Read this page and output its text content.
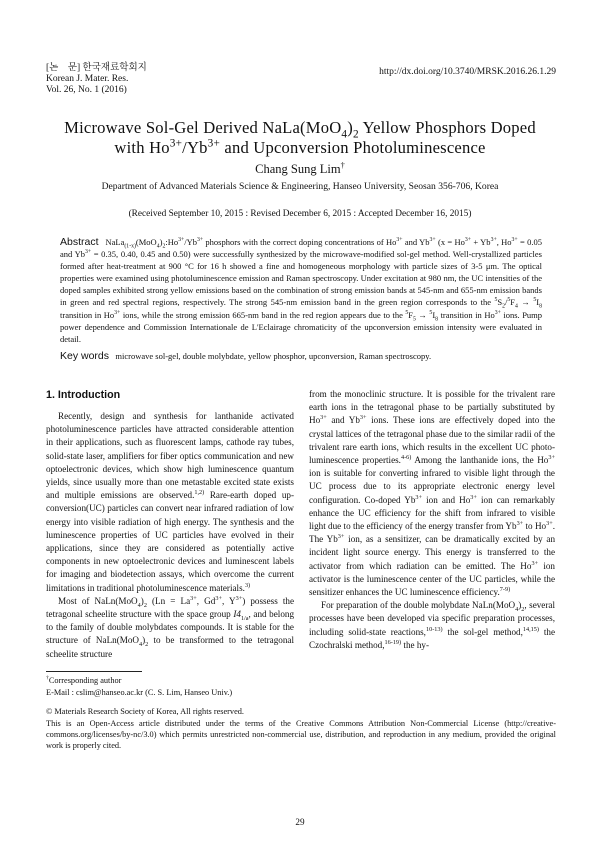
[논　문] 한국재료학회지
Korean J. Mater. Res.
Vol. 26, No. 1 (2016)
http://dx.doi.org/10.3740/MRSK.2016.26.1.29
Microwave Sol-Gel Derived $NaLa(MoO_4)_2$ Yellow Phosphors Doped
with $Ho^{3+}/Yb^{3+}$ and Upconversion Photoluminescence
Chang Sung Lim†
Department of Advanced Materials Science & Engineering, Hanseo University, Seosan 356-706, Korea
(Received September 10, 2015 : Revised December 6, 2015 : Accepted December 16, 2015)
Abstract $NaLa_{(1-x)}(MoO_4)_2:Ho^{3+}/Yb^{3+}$ phosphors with the correct doping concentrations of $Ho^{3+}$ and $Yb^{3+}$ ($x = Ho^{3+} + Yb^{3+}$, $Ho^{3+} = 0.05$ and $Yb^{3+} = 0.35$, 0.40, 0.45 and 0.50) were successfully synthesized by the microwave-modified sol-gel method. Well-crystallized particles formed after heat-treatment at 900 °C for 16 h showed a fine and homogeneous morphology with particle sizes of 3-5 μm. The optical properties were examined using photoluminescence emission and Raman spectroscopy. Under excitation at 980 nm, the UC intensities of the doped samples exhibited strong yellow emissions based on the combination of strong emission bands at 545-nm and 655-nm emission bands in green and red spectral regions, respectively. The strong 545-nm emission band in the green region corresponds to the $^5S_2/^5F_4 \to ^5I_8$ transition in $Ho^{3+}$ ions, while the strong emission 665-nm band in the red region appears due to the $^5F_5 \to ^5I_8$ transition in $Ho^{3+}$ ions. Pump power dependence and Commission Internationale de L'Eclairage chromaticity of the upconversion emission intensity were evaluated in detail.
Key words microwave sol-gel, double molybdate, yellow phosphor, upconversion, Raman spectroscopy.
1. Introduction

Recently, design and synthesis for lanthanide activated photoluminescence particles have attracted considerable attention in their applications, such as fluorescent lamps, cathode ray tubes, solid-state laser, amplifiers for fiber optics communication and new optoelectronic devices, which show high luminescence quantum yields, since usually more than one metastable excited state exists and multiple emissions are observed.$^{1,2)}$ Rare-earth doped up-conversion(UC) particles can convert near infrared radiation of low energy into visible radiation of high energy. The synthesis and the luminescence properties of UC particles have evolved in their applications, since they are considered as potentially active components in new optoelectronic devices and luminescent labels for imaging and biodetection assays, which overcome the current limitations in traditional photoluminescence materials.$^{3)}$

Most of $NaLn(MoO_4)_2$ ($Ln = La^{3+}$, $Gd^{3+}$, $Y^{3+}$) possess the tetragonal scheelite structure with the space group $I4_{1/a}$, and belong to the family of double molybdates compounds. It is stable for the structure of $NaLn(MoO_4)_2$ to be transformed to the tetragonal scheelite structure

from the monoclinic structure. It is possible for the trivalent rare earth ions in the tetragonal phase to be partially substituted by $Ho^{3+}$ and $Yb^{3+}$ ions. These ions are effectively doped into the crystal lattices of the tetragonal phase due to the similar radii of the trivalent rare earth ions, which results in the excellent UC photo-luminescence properties.$^{4-6)}$ Among the lanthanide ions, the $Ho^{3+}$ ion is suitable for converting infrared to visible light through the UC process due to its appropriate electronic energy level configuration. Co-doped $Yb^{3+}$ ion and $Ho^{3+}$ ion can remarkably enhance the UC efficiency for the shift from infrared to visible light due to the efficiency of the energy transfer from $Yb^{3+}$ to $Ho^{3+}$. The $Yb^{3+}$ ion, as a sensitizer, can be dramatically excited by an incident light source energy. This energy is transferred to the activator from which radiation can be emitted. The $Ho^{3+}$ ion activator is the luminescence center of the UC particles, while the sensitizer enhances the UC luminescence efficiency.$^{7-9)}$

For preparation of the double molybdate $NaLn(MoO_4)_2$, several processes have been developed via specific preparation processes, including solid-state reactions,$^{10-13)}$ the sol-gel method,$^{14,15)}$ the Czochralski method,$^{16-19)}$ the hy-

†Corresponding author
E-Mail : cslim@hanseo.ac.kr (C. S. Lim, Hanseo Univ.)
© Materials Research Society of Korea, All rights reserved.
This is an Open-Access article distributed under the terms of the Creative Commons Attribution Non-Commercial License (http://creative-commons.org/licenses/by-nc/3.0) which permits unrestricted non-commercial use, distribution, and reproduction in any medium, provided the original work is properly cited.
29
